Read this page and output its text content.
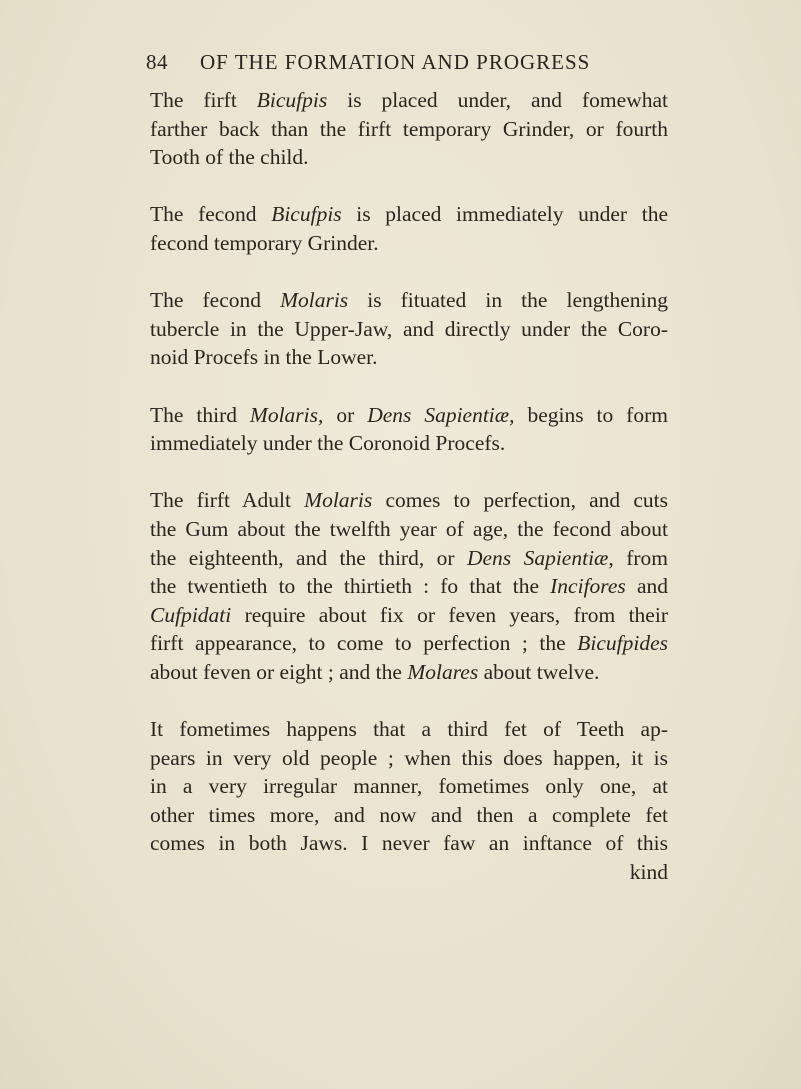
84 OF THE FORMATION AND PROGRESS

The firft Bicufpis is placed under, and fomewhat
farther back than the firft temporary Grinder, or fourth
Tooth of the child.

The fecond Bicufpis is placed immediately under the
fecond temporary Grinder.

The fecond Molaris is fituated in the lengthening
tubercle in the Upper-Jaw, and directly under the Coro-
noid Procefs in the Lower.

The third Molaris, or Dens Sapientiæ, begins to form
immediately under the Coronoid Procefs.

The firft Adult Molaris comes to perfection, and cuts
the Gum about the twelfth year of age, the fecond about
the eighteenth, and the third, or Dens Sapientiæ, from
the twentieth to the thirtieth : fo that the Incifores and
Cufpidati require about fix or feven years, from their
firft appearance, to come to perfection ; the Bicufpides
about feven or eight ; and the Molares about twelve.

It fometimes happens that a third fet of Teeth ap-
pears in very old people ; when this does happen, it is
in a very irregular manner, fometimes only one, at
other times more, and now and then a complete fet
comes in both Jaws. I never faw an inftance of this
kind
